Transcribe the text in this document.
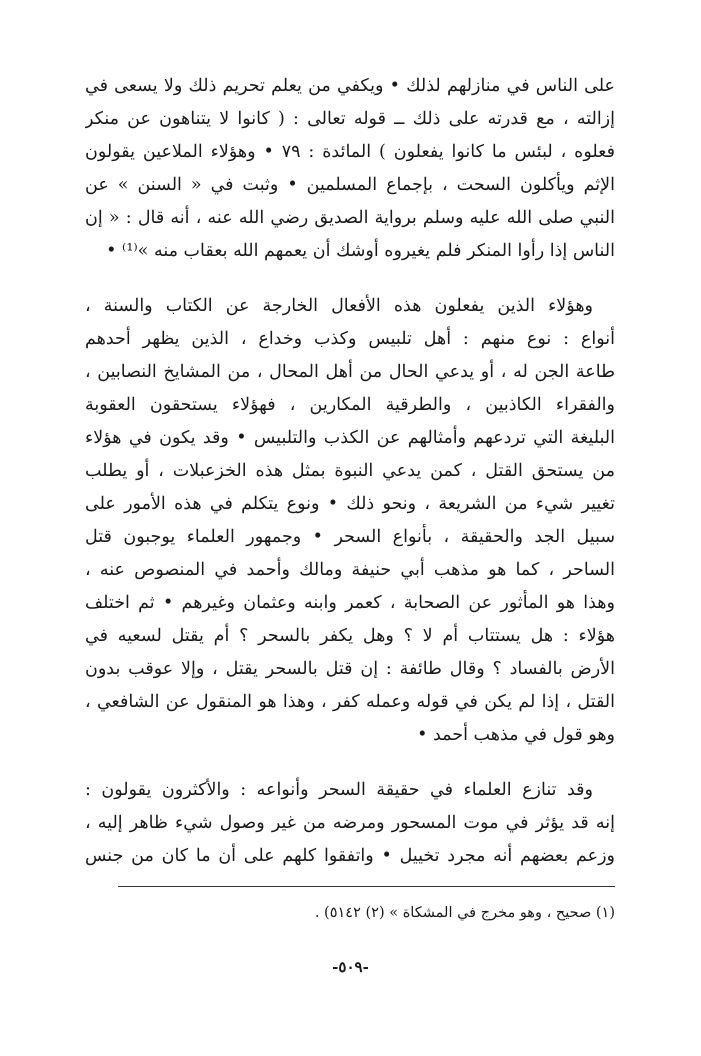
على الناس في منازلهم لذلك • ويكفي من يعلم تحريم ذلك ولا يسعى في
إزالته ، مع قدرته على ذلك ــ قوله تعالى : ( كانوا لا يتناهون عن منكر
فعلوه ، لبئس ما كانوا يفعلون ) المائدة : ٧٩ • وهؤلاء الملاعين يقولون
الإثم ويأكلون السحت ، بإجماع المسلمين • وثبت في « السنن » عن
النبي صلى الله عليه وسلم برواية الصديق رضي الله عنه ، أنه قال : « إن
الناس إذا رأوا المنكر فلم يغيروه أوشك أن يعمهم الله بعقاب منه »⁽¹⁾ •
وهؤلاء الذين يفعلون هذه الأفعال الخارجة عن الكتاب والسنة ،
أنواع : نوع منهم : أهل تلبيس وكذب وخداع ، الذين يظهر أحدهم
طاعة الجن له ، أو يدعي الحال من أهل المحال ، من المشايخ النصابين ،
والفقراء الكاذبين ، والطرقية المكارين ، فهؤلاء يستحقون العقوبة
البليغة التي تردعهم وأمثالهم عن الكذب والتلبيس • وقد يكون في هؤلاء
من يستحق القتل ، كمن يدعي النبوة بمثل هذه الخزعبلات ، أو يطلب
تغيير شيء من الشريعة ، ونحو ذلك • ونوع يتكلم في هذه الأمور على
سبيل الجد والحقيقة ، بأنواع السحر • وجمهور العلماء يوجبون قتل
الساحر ، كما هو مذهب أبي حنيفة ومالك وأحمد في المنصوص عنه ،
وهذا هو المأثور عن الصحابة ، كعمر وابنه وعثمان وغيرهم • ثم اختلف
هؤلاء : هل يستتاب أم لا ؟ وهل يكفر بالسحر ؟ أم يقتل لسعيه في
الأرض بالفساد ؟ وقال طائفة : إن قتل بالسحر يقتل ، وإلا عوقب بدون
القتل ، إذا لم يكن في قوله وعمله كفر ، وهذا هو المنقول عن الشافعي ،
وهو قول في مذهب أحمد •
وقد تنازع العلماء في حقيقة السحر وأنواعه : والأكثرون يقولون :
إنه قد يؤثر في موت المسحور ومرضه من غير وصول شيء ظاهر إليه ،
وزعم بعضهم أنه مجرد تخييل • واتفقوا كلهم على أن ما كان من جنس
(١) صحيح ، وهو مخرج في المشكاة » (٢) ٥١٤٢) .
-٥٠٩-
